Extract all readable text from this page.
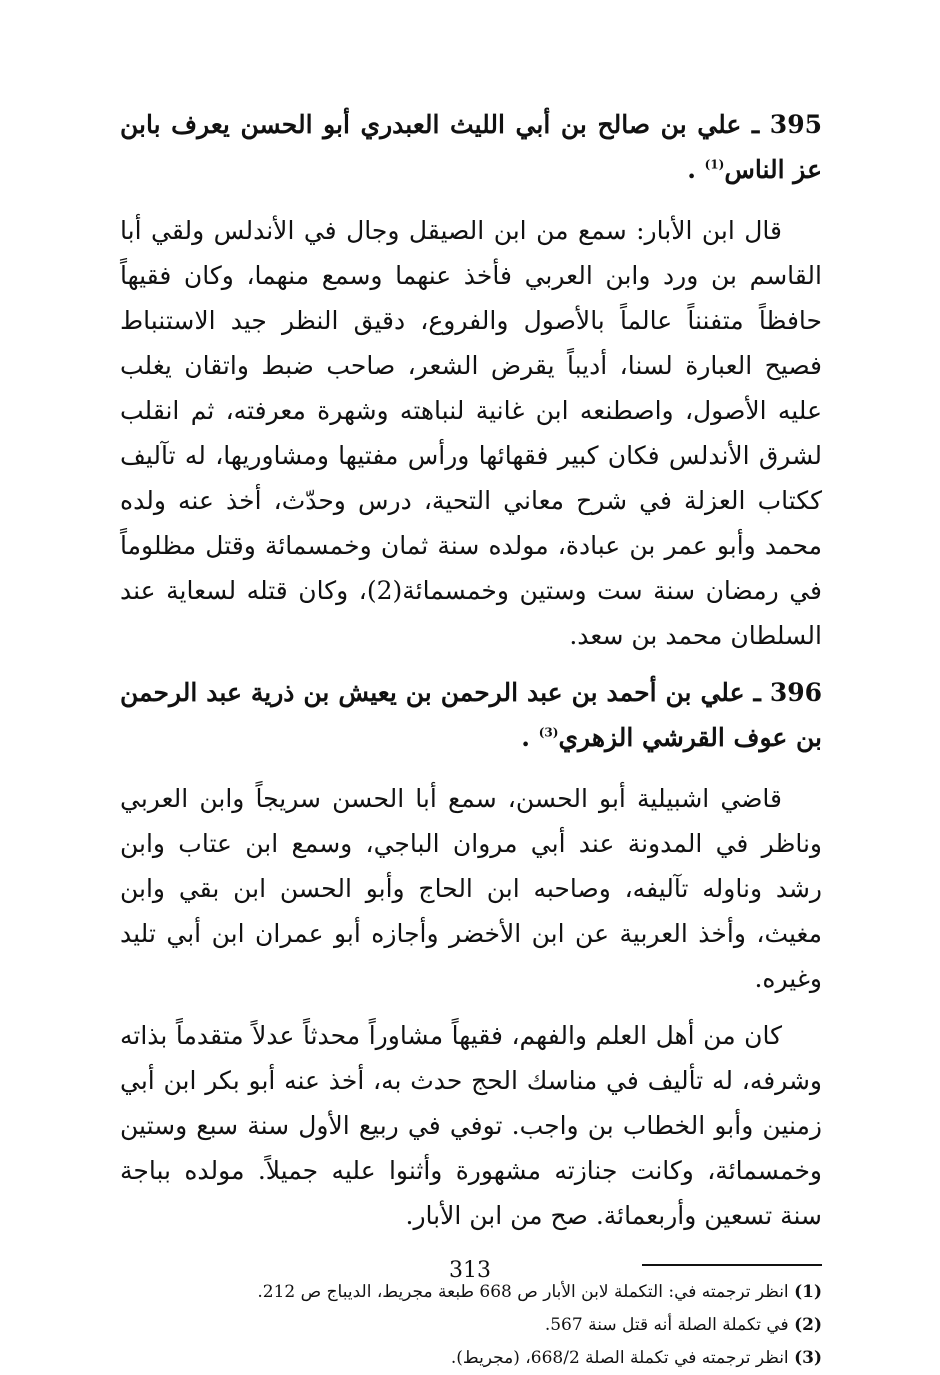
395 ـ علي بن صالح بن أبي الليث العبدري أبو الحسن يعرف بابن عز الناس$^{(1)}$ .

قال ابن الأبار: سمع من ابن الصيقل وجال في الأندلس ولقي أبا القاسم بن ورد وابن العربي فأخذ عنهما وسمع منهما، وكان فقيهاً حافظاً متفنناً عالماً بالأصول والفروع، دقيق النظر جيد الاستنباط فصيح العبارة لسنا، أديباً يقرض الشعر، صاحب ضبط واتقان يغلب عليه الأصول، واصطنعه ابن غانية لنباهته وشهرة معرفته، ثم انقلب لشرق الأندلس فكان كبير فقهائها ورأس مفتيها ومشاوريها، له تآليف ككتاب العزلة في شرح معاني التحية، درس وحدّث، أخذ عنه ولده محمد وأبو عمر بن عبادة، مولده سنة ثمان وخمسمائة وقتل مظلوماً في رمضان سنة ست وستين وخمسمائة(2)، وكان قتله لسعاية عند السلطان محمد بن سعد.

396 ـ علي بن أحمد بن عبد الرحمن بن يعيش بن ذرية عبد الرحمن بن عوف القرشي الزهري$^{(3)}$ .

قاضي اشبيلية أبو الحسن، سمع أبا الحسن سريجاً وابن العربي وناظر في المدونة عند أبي مروان الباجي، وسمع ابن عتاب وابن رشد وناوله تآليفه، وصاحبه ابن الحاج وأبو الحسن ابن بقي وابن مغيث، وأخذ العربية عن ابن الأخضر وأجازه أبو عمران ابن أبي تليد وغيره.

كان من أهل العلم والفهم، فقيهاً مشاوراً محدثاً عدلاً متقدماً بذاته وشرفه، له تأليف في مناسك الحج حدث به، أخذ عنه أبو بكر ابن أبي زمنين وأبو الخطاب بن واجب. توفي في ربيع الأول سنة سبع وستين وخمسمائة، وكانت جنازته مشهورة وأثنوا عليه جميلاً. مولده بباجة سنة تسعين وأربعمائة. صح من ابن الأبار.

(1) انظر ترجمته في: التكملة لابن الأبار ص 668 طبعة مجريط، الديباج ص 212.

(2) في تكملة الصلة أنه قتل سنة 567.

(3) انظر ترجمته في تكملة الصلة 668/2، (مجريط).

313
